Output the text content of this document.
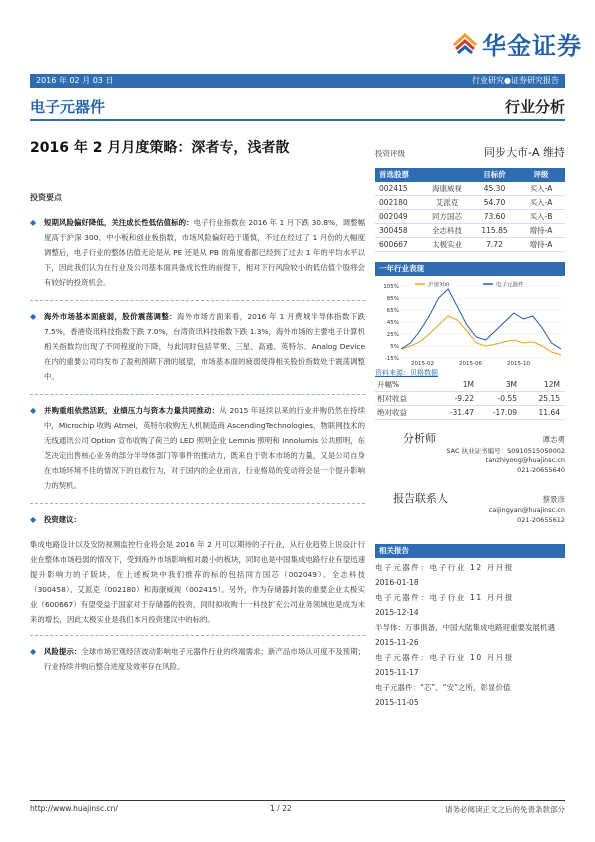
华金证券
2016 年 02 月 03 日	行业研究●证券研究报告
电子元器件	行业分析
2016 年 2 月月度策略：深者专，浅者散
投资要点
◆ 短期风险偏好降低，关注成长性低估值标的：电子行业指数在 2016 年 1 月下跌 30.8%，调整幅度高于沪深 300、中小板和创业板指数，市场风险偏好趋于谨慎，不过在经过了 1 月份的大幅度调整后，电子行业的整体估值无论是从 PE 还是从 PB 的角度看都已经到了过去 1 年的平均水平以下，因此我们认为在行业及公司基本面具备成长性的前提下，相对下行风险较小的低估值个股将会有较好的投资机会。
◆ 海外市场基本面疲弱，股价震荡调整：海外市场方面来看，2016 年 1 月费城半导体指数下跌 7.5%，香港资讯科技指数下跌 7.0%，台湾资讯科技指数下跌 1.3%，海外市场的主要电子计算机相关指数均出现了不同程度的下降，与此同时包括苹果、三星、高通、英特尔、Analog Device 在内的重要公司均发布了盈利预期下滑的展望，市场基本面的疲弱使得相关股价指数处于震荡调整中。
◆ 并购重组依然活跃，业绩压力与资本力量共同推动：从 2015 年延续以来的行业并购仍然在持续中，Microchip 收购 Atmel，英特尔收购无人机制造商 AscendingTechnologies，物联网技术的无线通讯公司 Option 宣布收购了荷兰的 LED 照明企业 Lemnis 照明和 Innolumis 公共照明，东芝决定出售核心业务的部分半导体部门等事件的推动力，既来自于资本市场的力量，又是公司自身在市场环境不佳的情况下的自救行为，对于国内的企业而言，行业格局的变动将会是一个提升影响力的契机。
◆ 投资建议：
集成电路设计以及安防视频监控行业将会是 2016 年 2 月可以期待的子行业，从行业趋势上说设计行业在整体市场趋弱的情况下，受到海外市场影响相对最小的板块，同时也是中国集成电路行业有望迅速提升影响力的子版块，在上述板块中我们推荐的标的包括同方国芯（002049）、全志科技（300458）、艾派克（002180）和海康威视（002415）。另外，作为存储器封装的重要企业太极实业（600667）有望受益于国家对于存储器的投资，同时拟收购十一科技扩充公司业务领域也是成为未来的增长，因此太极实业是我们本月投资建议中的标的。
◆ 风险提示：全球市场宏观经济波动影响电子元器件行业的终端需求；新产品市场认可度不及预期；行业持续并购后整合进度及效率存在风险。
投资评级	同步大市-A 维持
首选股票	目标价	评级
002415	海康威视	45.30	买入-A
002180	艾派克	54.70	买入-A
002049	同方国芯	73.60	买入-B
300458	全志科技	115.85	增持-A
600667	太极实业	7.72	增持-A
一年行业表现
沪深300	电子元器件
105%
85%
65%
45%
25%
5%
-15%
2015-02	2015-06	2015-10
资料来源：贝格数据
升幅%	1M	3M	12M
相对收益	-9.22	-0.55	25.15
绝对收益	-31.47	-17.09	11.64
分析师	谭志勇
SAC 执业证书编号：S0910515050002
tanzhiyong@huajinsc.cn
021-20655640
报告联系人	蔡景彦
caijingyan@huajinsc.cn
021-20655612
相关报告
电子元器件：电子行业 12 月月报
2016-01-18
电子元器件：电子行业 11 月月报
2015-12-14
半导体：万事俱备，中国大陆集成电路迎重要发展机遇
2015-11-26
电子元器件：电子行业 10 月月报
2015-11-17
电子元器件：“芯”、“安”之所，彰显价值
2015-11-05
http://www.huajinsc.cn/	1 / 22	请务必阅读正文之后的免责条款部分
